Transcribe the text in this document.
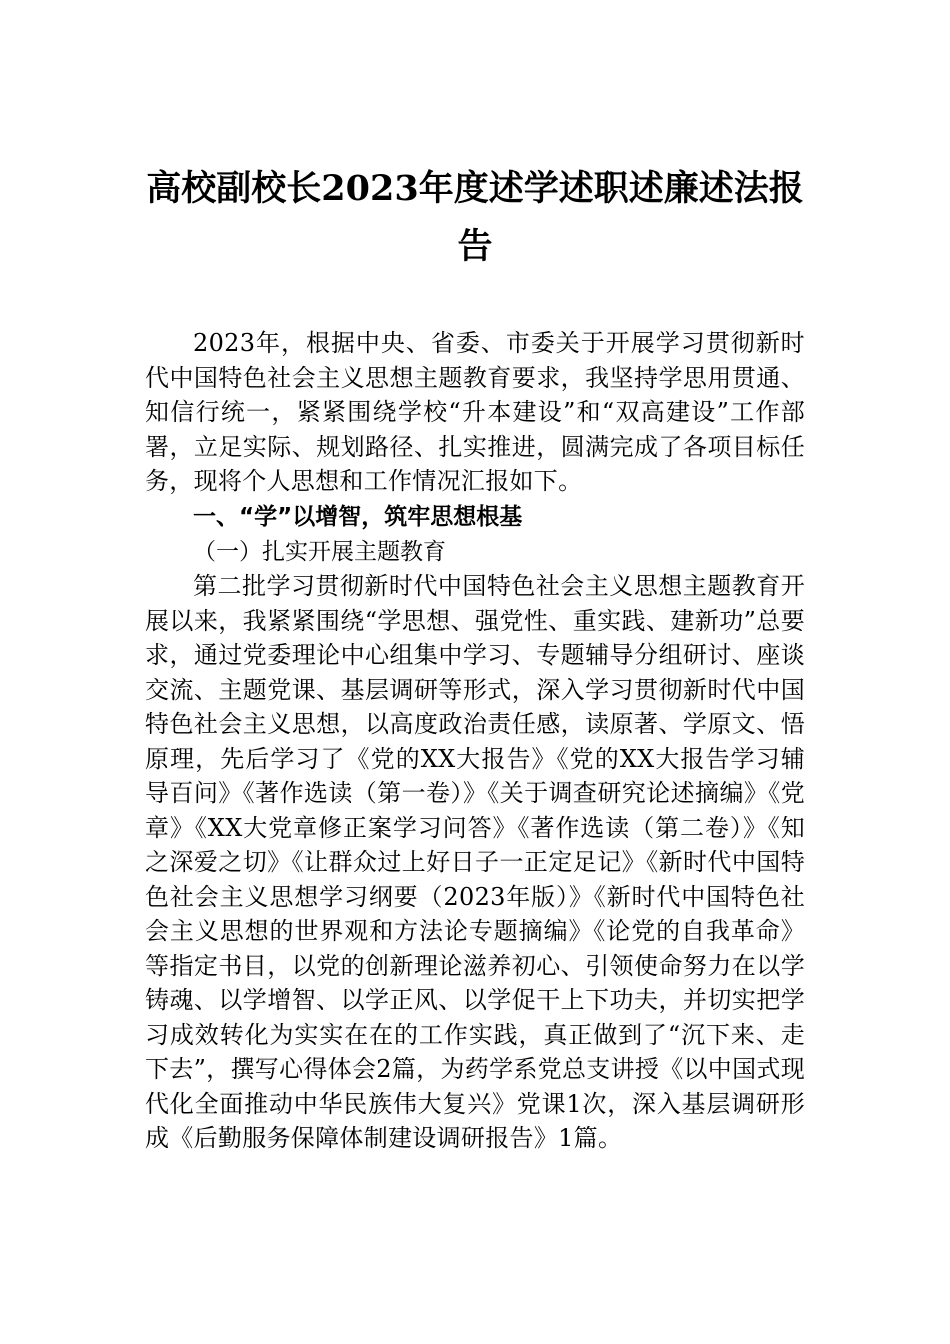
高校副校长2023年度述学述职述廉述法报告

2023年，根据中央、省委、市委关于开展学习贯彻新时代中国特色社会主义思想主题教育要求，我坚持学思用贯通、知信行统一，紧紧围绕学校“升本建设”和“双高建设”工作部署，立足实际、规划路径、扎实推进，圆满完成了各项目标任务，现将个人思想和工作情况汇报如下。

一、“学”以增智，筑牢思想根基

（一）扎实开展主题教育

第二批学习贯彻新时代中国特色社会主义思想主题教育开展以来，我紧紧围绕“学思想、强党性、重实践、建新功”总要求，通过党委理论中心组集中学习、专题辅导分组研讨、座谈交流、主题党课、基层调研等形式，深入学习贯彻新时代中国特色社会主义思想，以高度政治责任感，读原著、学原文、悟原理，先后学习了《党的XX大报告》《党的XX大报告学习辅导百问》《著作选读（第一卷）》《关于调查研究论述摘编》《党章》《XX大党章修正案学习问答》《著作选读（第二卷）》《知之深爱之切》《让群众过上好日子一正定足记》《新时代中国特色社会主义思想学习纲要（2023年版）》《新时代中国特色社会主义思想的世界观和方法论专题摘编》《论党的自我革命》等指定书目，以党的创新理论滋养初心、引领使命努力在以学铸魂、以学增智、以学正风、以学促干上下功夫，并切实把学习成效转化为实实在在的工作实践，真正做到了“沉下来、走下去”，撰写心得体会2篇，为药学系党总支讲授《以中国式现代化全面推动中华民族伟大复兴》党课1次，深入基层调研形成《后勤服务保障体制建设调研报告》1篇。
